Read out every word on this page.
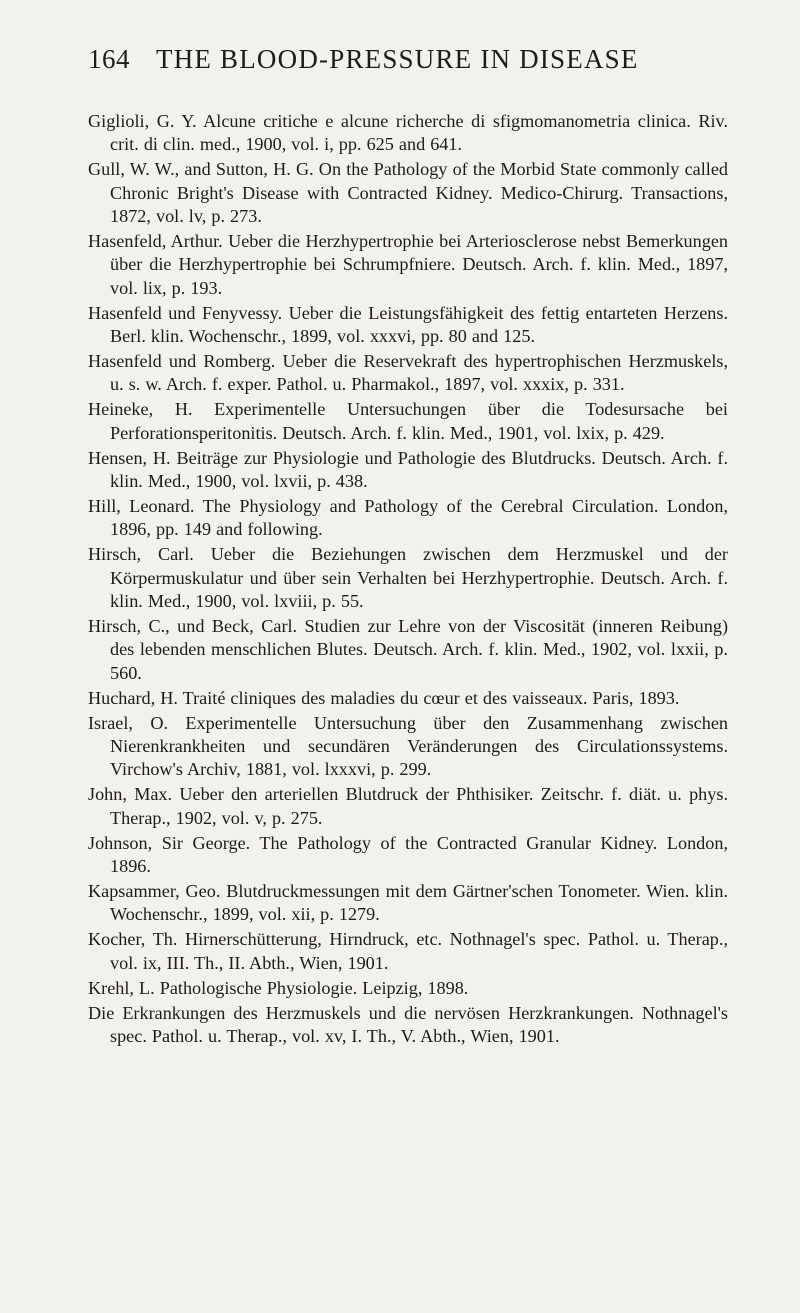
164 THE BLOOD-PRESSURE IN DISEASE

Giglioli, G. Y. Alcune critiche e alcune richerche di sfigmomanometria clinica. Riv. crit. di clin. med., 1900, vol. i, pp. 625 and 641.

Gull, W. W., and Sutton, H. G. On the Pathology of the Morbid State commonly called Chronic Bright's Disease with Contracted Kidney. Medico-Chirurg. Transactions, 1872, vol. lv, p. 273.

Hasenfeld, Arthur. Ueber die Herzhypertrophie bei Arteriosclerose nebst Bemerkungen über die Herzhypertrophie bei Schrumpfniere. Deutsch. Arch. f. klin. Med., 1897, vol. lix, p. 193.

Hasenfeld und Fenyvessy. Ueber die Leistungsfähigkeit des fettig entarteten Herzens. Berl. klin. Wochenschr., 1899, vol. xxxvi, pp. 80 and 125.

Hasenfeld und Romberg. Ueber die Reservekraft des hypertrophischen Herzmuskels, u. s. w. Arch. f. exper. Pathol. u. Pharmakol., 1897, vol. xxxix, p. 331.

Heineke, H. Experimentelle Untersuchungen über die Todesursache bei Perforationsperitonitis. Deutsch. Arch. f. klin. Med., 1901, vol. lxix, p. 429.

Hensen, H. Beiträge zur Physiologie und Pathologie des Blutdrucks. Deutsch. Arch. f. klin. Med., 1900, vol. lxvii, p. 438.

Hill, Leonard. The Physiology and Pathology of the Cerebral Circulation. London, 1896, pp. 149 and following.

Hirsch, Carl. Ueber die Beziehungen zwischen dem Herzmuskel und der Körpermuskulatur und über sein Verhalten bei Herzhypertrophie. Deutsch. Arch. f. klin. Med., 1900, vol. lxviii, p. 55.

Hirsch, C., und Beck, Carl. Studien zur Lehre von der Viscosität (inneren Reibung) des lebenden menschlichen Blutes. Deutsch. Arch. f. klin. Med., 1902, vol. lxxii, p. 560.

Huchard, H. Traité cliniques des maladies du cœur et des vaisseaux. Paris, 1893.

Israel, O. Experimentelle Untersuchung über den Zusammenhang zwischen Nierenkrankheiten und secundären Veränderungen des Circulationssystems. Virchow's Archiv, 1881, vol. lxxxvi, p. 299.

John, Max. Ueber den arteriellen Blutdruck der Phthisiker. Zeitschr. f. diät. u. phys. Therap., 1902, vol. v, p. 275.

Johnson, Sir George. The Pathology of the Contracted Granular Kidney. London, 1896.

Kapsammer, Geo. Blutdruckmessungen mit dem Gärtner'schen Tonometer. Wien. klin. Wochenschr., 1899, vol. xii, p. 1279.

Kocher, Th. Hirnerschütterung, Hirndruck, etc. Nothnagel's spec. Pathol. u. Therap., vol. ix, III. Th., II. Abth., Wien, 1901.

Krehl, L. Pathologische Physiologie. Leipzig, 1898.

Die Erkrankungen des Herzmuskels und die nervösen Herzkrankungen. Nothnagel's spec. Pathol. u. Therap., vol. xv, I. Th., V. Abth., Wien, 1901.
